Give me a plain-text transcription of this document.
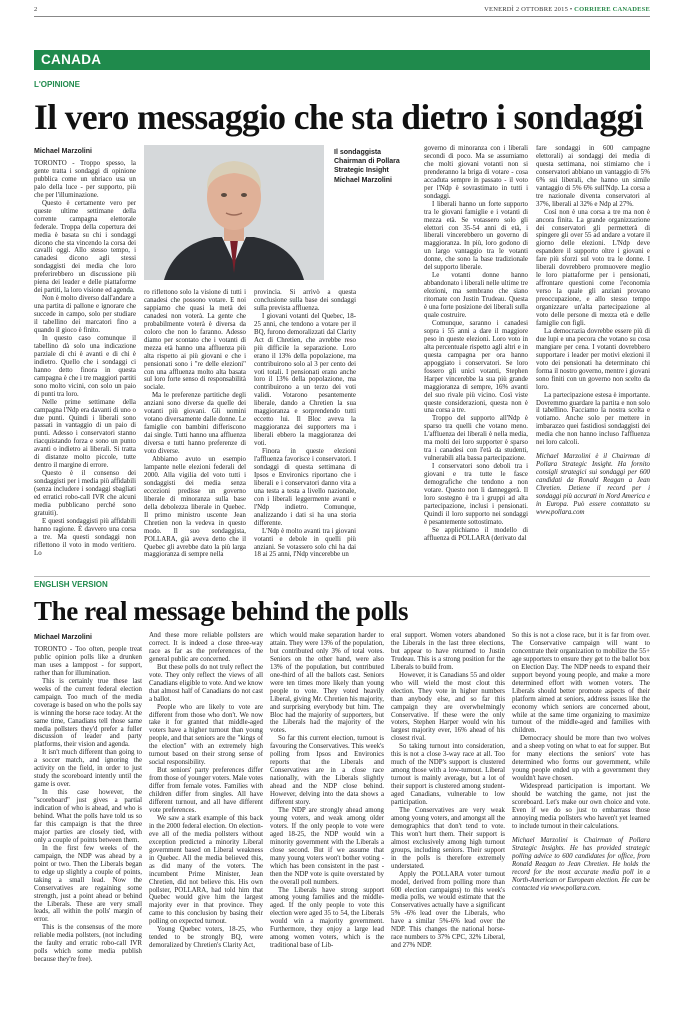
2	VENERDÌ 2 OTTOBRE 2015 • CORRIERE CANADESE
CANADA
L'OPINIONE
Il vero messaggio che sta dietro i sondaggi
Michael Marzolini	Il sondaggista
Chairman di Pollara
Strategic Insight
Michael Marzolini

TORONTO - Troppo spesso, la gente tratta i sondaggi di opinione pubblica come un ubriaco usa un palo della luce - per supporto, più che per l'illuminazione.

Questo è certamente vero per queste ultime settimane della corrente campagna elettorale federale. Troppa della copertura dei media è basata su chi i sondaggi dicono che sta vincendo la corsa dei cavalli oggi. Allo stesso tempo, i canadesi dicono agli stessi sondaggisti dei media che loro preferirebbero un discussione più piena dei leader e delle piattaforme dei partiti, la loro visione ed agenda.

Non è molto diverso dall'andare a una partita di pallone e ignorare che succede in campo, solo per studiare il tabellino dei marcatori fino a quando il gioco è finito.

In questo caso comunque il tabellino dà solo una indicazione parziale di chi è avanti e di chi è indietro. Quello che i sondaggi ci hanno detto finora in questa campagna è che i tre maggiori partiti sono molto vicini, con solo un paio di punti tra loro.

Nelle prime settimane della campagna l'Ndp era davanti di uno o due punti. Quindi i liberali sono passati in vantaggio di un paio di punti. Adesso i conservatori stanno riacquistando forza e sono un punto avanti o indietro ai liberali. Si tratta di distanze molto piccole, tutte dentro il margine di errore.

Questo è il consenso dei sondaggisti per i media più affidabili (senza includere i sondaggi sbagliati ed erratici robo-call IVR che alcuni media pubblicano perché sono gratuiti).

E questi sondaggisti più affidabili hanno ragione. È davvero una corsa a tre. Ma questi sondaggi non riflettono il voto in modo veritiero. Lo

ro riflettono solo la visione di tutti i canadesi che possono votare. E noi sappiamo che quasi la metà dei canadesi non voterà. La gente che probabilmente voterà è diversa da coloro che non lo faranno. Adesso diamo per scontato che i votanti di mezza età hanno una affluenza più alta rispetto ai più giovani e che i pensionati sono i "re delle elezioni" con una affluenza molto alta basata sul loro forte senso di responsabilità sociale.

Ma le preferenze partitiche degli anziani sono diverse da quelle dei votanti più giovani. Gli uomini votano diversamente dalle donne. Le famiglie con bambini differiscono dai single. Tutti hanno una affluenza diversa e tutti hanno preferenze di voto diverse.

Abbiamo avuto un esempio lampante nelle elezioni federali del 2000. Alla vigilia del voto tutti i sondaggisti dei media senza eccezioni predisse un governo liberale di minoranza sulla base della debolezza liberale in Quebec. Il primo ministro uscente Jean Chretien non la vedeva in questo modo. Il suo sondaggista, POLLARA, già aveva detto che il Quebec gli avrebbe dato la più larga maggioranza di sempre nella

provincia. Si arrivò a questa conclusione sulla base dei sondaggi sulla prevista affluenza.

I giovani votanti del Quebec, 18-25 anni, che tendono a votare per il BQ, furono demoralizzati dal Clarity Act di Chretien, che avrebbe reso più difficile la separazione. Loro erano il 13% della popolazione, ma contribuirono solo al 3 per cento dei voti totali. I pensionati erano anche loro il 13% della popolazione, ma contribuirono a un terzo dei voti validi. Votarono pesantemente liberale, dando a Chretien la sua maggioranza e sorprendendo tutti eccetto lui. Il Bloc aveva la maggioranza dei supporters ma i liberali ebbero la maggioranza dei voti.

Finora in queste elezioni l'affluenza favorisce i conservatori. I sondaggi di questa settimana di Ipsos e Environics riportano che i liberali e i conservatori danno vita a una testa a testa a livello nazionale, con i liberali leggermente avanti e l'Ndp indietro. Comunque, analizzando i dati si ha una storia differente.

L'Ndp è molto avanti tra i giovani votanti e debole in quelli più anziani. Se votassero solo chi ha dai 18 ai 25 anni, l'Ndp vincerebbe un

governo di minoranza con i liberali secondi di poco. Ma se assumiamo che molti giovani votanti non si prenderanno la briga di votare - cosa accaduta sempre in passato - il voto per l'Ndp è sovrastimato in tutti i sondaggi.

I liberali hanno un forte supporto tra le giovani famiglie e i votanti di mezza età. Se votassero solo gli elettori con 35-54 anni di età, i liberali vincerebbero un governo di maggioranza. In più, loro godono di un largo vantaggio tra le votanti donne, che sono la base tradizionale del supporto liberale.

Le votanti donne hanno abbandonato i liberali nelle ultime tre elezioni, ma sembrano che siano ritornate con Justin Trudeau. Questa è una forte posizione dei liberali sulla quale costruire.

Comunque, saranno i canadesi sopra i 55 anni a dare il maggiore peso in queste elezioni. Loro voto in alta percentuale rispetto agli altri e in questa campagna per ora hanno appoggiato i conservatori. Se loro fossero gli unici votanti, Stephen Harper vincerebbe la sua più grande maggioranza di sempre, 16% avanti del suo rivale più vicino. Così viste queste considerazioni, questa non è una corsa a tre.

Troppo del supporto all'Ndp è sparso tra quelli che votano meno. L'affluenza dei liberali è nella media, ma molti dei loro supporter è sparso tra i canadesi con l'età da studenti, vulnerabili alla bassa partecipazione.

I conservatori sono deboli tra i giovani e tra tutte le fasce demografiche che tendono a non votare. Questo non li danneggerà. Il loro sostegno è tra i gruppi ad alta partecipazione, inclusi i pensionati. Quindi il loro supporto nei sondaggi è pesantemente sottostimato.

Se applichiamo il modello di affluenza di POLLARA (derivato dal

fare sondaggi in 600 campagne elettorali) ai sondaggi dei media di questa settimana, noi stimiamo che i conservatori abbiano un vantaggio di 5% 6% sui liberali, che hanno un simile vantaggio di 5% 6% sull'Ndp. La corsa a tre nazionale diventa conservatori al 37%, liberali al 32% e Ndp al 27%.

Così non è una corsa a tre ma non è ancora finita. La grande organizzazione dei conservatori gli permetterà di spingere gli over 55 ad andare a votare il giorno delle elezioni. L'Ndp deve espandere il supporto oltre i giovani e fare più sforzi sul voto tra le donne. I liberali dovrebbero promuovere meglio le loro piattaforme per i pensionati, affrontare questioni come l'economia verso la quale gli anziani provano preoccupazione, e allo stesso tempo organizzare un'alta partecipazione al voto delle persone di mezza età e delle famiglie con figli.

La democrazia dovrebbe essere più di due lupi e una pecora che votano su cosa mangiare per cena. I votanti dovrebbero supportare i leader per motivi elezioni il voto dei pensionati ha determinato chi forma il nostro governo, mentre i giovani sono finiti con un governo non scelto da loro.

La partecipazione estesa è importante. Dovremmo guardare la partita e non solo il tabellino. Facciamo la nostra scelta e votiamo. Anche solo per mettere in imbarazzo quei fastidiosi sondaggisti dei media che non hanno incluso l'affluenza nei loro calcoli.

Michael Marzolini è il Chairman di Pollara Strategic Insight. Ha fornito consigli strategici sui sondaggi per 600 candidati da Ronald Reagan a Jean Chretien. Detiene il record per i sondaggi più accurati in Nord America e in Europa. Può essere contattato su www.pollara.com

ENGLISH VERSION
The real message behind the polls
Michael Marzolini

TORONTO - Too often, people treat public opinion polls like a drunken man uses a lamppost - for support, rather than for illumination.

This is certainly true these last weeks of the current federal election campaign. Too much of the media coverage is based on who the polls say is winning the horse race today. At the same time, Canadians tell those same media pollsters they'd prefer a fuller discussion of leader and party platforms, their vision and agenda.

It isn't much different than going to a soccer match, and ignoring the activity on the field, in order to just study the scoreboard intently until the game is over.

In this case however, the "scoreboard" just gives a partial indication of who is ahead, and who is behind. What the polls have told us so far this campaign is that the three major parties are closely tied, with only a couple of points between them.

In the first few weeks of the campaign, the NDP was ahead by a point or two. Then the Liberals began to edge up slightly a couple of points, taking a small lead. Now the Conservatives are regaining some strength, just a point ahead or behind the Liberals. These are very small leads, all within the polls' margin of error.

This is the consensus of the more reliable media pollsters, (not including the faulty and erratic robo-call IVR polls which some media publish because they're free).

And these more reliable pollsters are correct. It is indeed a close three-way race as far as the preferences of the general public are concerned.

But these polls do not truly reflect the vote. They only reflect the views of all Canadians eligible to vote. And we know that almost half of Canadians do not cast a ballot.

People who are likely to vote are different from those who don't. We now take it for granted that middle-aged voters have a higher turnout than young people, and that seniors are the "kings of the election" with an extremely high turnout based on their strong sense of social responsibility.

But seniors' party preferences differ from those of younger voters. Male votes differ from female votes. Families with children differ from singles. All have different turnout, and all have different vote preferences.

We saw a stark example of this back in the 2000 federal election. On election-eve all of the media pollsters without exception predicted a minority Liberal government based on Liberal weakness in Quebec. All the media believed this, as did many of the voters. The incumbent Prime Minister, Jean Chretien, did not believe this. His own pollster, POLLARA, had told him that Quebec would give him the largest majority ever in that province. They came to this conclusion by basing their polling on expected turnout.

Young Quebec voters, 18-25, who tended to be strongly BQ, were demoralized by Chretien's Clarity Act,

which would make separation harder to attain. They were 13% of the population, but contributed only 3% of total votes. Seniors on the other hand, were also 13% of the population, but contributed one-third of all the ballots cast. Seniors were ten times more likely than young people to vote. They voted heavily Liberal, giving Mr. Chretien his majority, and surprising everybody but him. The Bloc had the majority of supporters, but the Liberals had the majority of the votes.

So far this current election, turnout is favouring the Conservatives. This week's polling from Ipsos and Environics reports that the Liberals and Conservatives are in a close race nationally, with the Liberals slightly ahead and the NDP close behind. However, delving into the data shows a different story.

The NDP are strongly ahead among young voters, and weak among older voters. If the only people to vote were aged 18-25, the NDP would win a minority government with the Liberals a close second. But if we assume that many young voters won't bother voting - which has been consistent in the past - then the NDP vote is quite overstated by the overall poll numbers.

The Liberals have strong support among young families and the middle-aged. If the only people to vote this election were aged 35 to 54, the Liberals would win a majority government. Furthermore, they enjoy a large lead among women voters, which is the traditional base of Lib-

eral support. Women voters abandoned the Liberals in the last three elections, but appear to have returned to Justin Trudeau. This is a strong position for the Liberals to build from.

However, it is Canadians 55 and older who will wield the most clout this election. They vote in higher numbers than anybody else, and so far this campaign they are overwhelmingly Conservative. If these were the only voters, Stephen Harper would win his largest majority ever, 16% ahead of his closest rival.

So taking turnout into consideration, this is not a close 3-way race at all. Too much of the NDP's support is clustered among those with a low-turnout. Liberal turnout is mainly average, but a lot of their support is clustered among student-aged Canadians, vulnerable to low participation.

The Conservatives are very weak among young voters, and amongst all the demographics that don't tend to vote. This won't hurt them. Their support is almost exclusively among high turnout groups, including seniors. Their support in the polls is therefore extremely understated.

Apply the POLLARA voter turnout model, derived from polling more than 600 election campaigns) to this week's media polls, we would estimate that the Conservatives actually have a significant 5% -6% lead over the Liberals, who have a similar 5%-6% lead over the NDP. This changes the national horse-race numbers to 37% CPC, 32% Liberal, and 27% NDP.

So this is not a close race, but it is far from over. The Conservative campaign will want to concentrate their organization to mobilize the 55+ age supporters to ensure they get to the ballot box on Election Day. The NDP needs to expand their support beyond young people, and make a more determined effort with women voters. The Liberals should better promote aspects of their platform aimed at seniors, address issues like the economy which seniors are concerned about, while at the same time organizing to maximize turnout of the middle-aged and families with children.

Democracy should be more than two wolves and a sheep voting on what to eat for supper. But for many elections the seniors' vote has determined who forms our government, while young people ended up with a government they wouldn't have chosen.

Widespread participation is important. We should be watching the game, not just the scoreboard. Let's make our own choice and vote. Even if we do so just to embarrass those annoying media pollsters who haven't yet learned to include turnout in their calculations.

Michael Marzolini is Chairman of Pollara Strategic Insights. He has provided strategic polling advice to 600 candidates for office, from Ronald Reagan to Jean Chretien. He holds the record for the most accurate media poll in a North-American or European election. He can be contacted via www.pollara.com.
